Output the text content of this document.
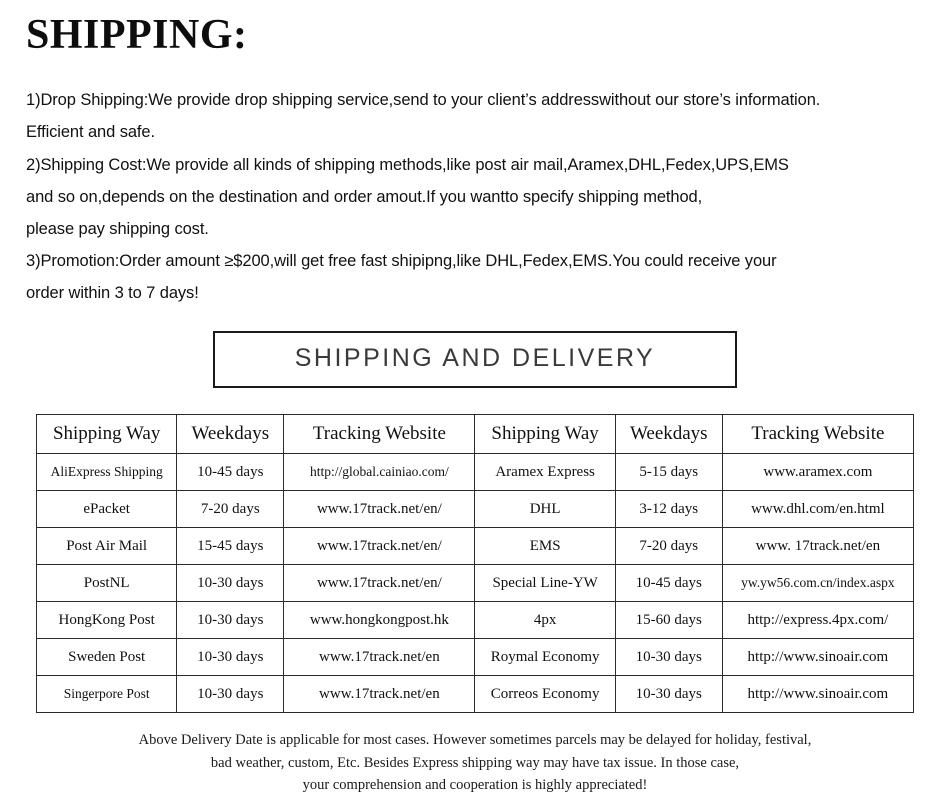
SHIPPING:

1)Drop Shipping:We provide drop shipping service,send to your client’s addresswithout our store’s information.

Efficient and safe.

2)Shipping Cost:We provide all kinds of shipping methods,like post air mail,Aramex,DHL,Fedex,UPS,EMS

and so on,depends on the destination and order amout.If you wantto specify shipping method,

please pay shipping cost.

3)Promotion:Order amount ≥$200,will get free fast shipipng,like DHL,Fedex,EMS.You could receive your

order within 3 to 7 days!

SHIPPING AND DELIVERY
Shipping Way	Weekdays	Tracking Website	Shipping Way	Weekdays	Tracking Website
AliExpress Shipping	10-45 days	http://global.cainiao.com/	Aramex Express	5-15 days	www.aramex.com
ePacket	7-20 days	www.17track.net/en/	DHL	3-12 days	www.dhl.com/en.html
Post Air Mail	15-45 days	www.17track.net/en/	EMS	7-20 days	www. 17track.net/en
PostNL	10-30 days	www.17track.net/en/	Special Line-YW	10-45 days	yw.yw56.com.cn/index.aspx
HongKong Post	10-30 days	www.hongkongpost.hk	4px	15-60 days	http://express.4px.com/
Sweden Post	10-30 days	www.17track.net/en	Roymal Economy	10-30 days	http://www.sinoair.com
Singerpore Post	10-30 days	www.17track.net/en	Correos Economy	10-30 days	http://www.sinoair.com
Above Delivery Date is applicable for most cases. However sometimes parcels may be delayed for holiday, festival,
bad weather, custom, Etc. Besides Express shipping way may have tax issue. In those case,
your comprehension and cooperation is highly appreciated!
